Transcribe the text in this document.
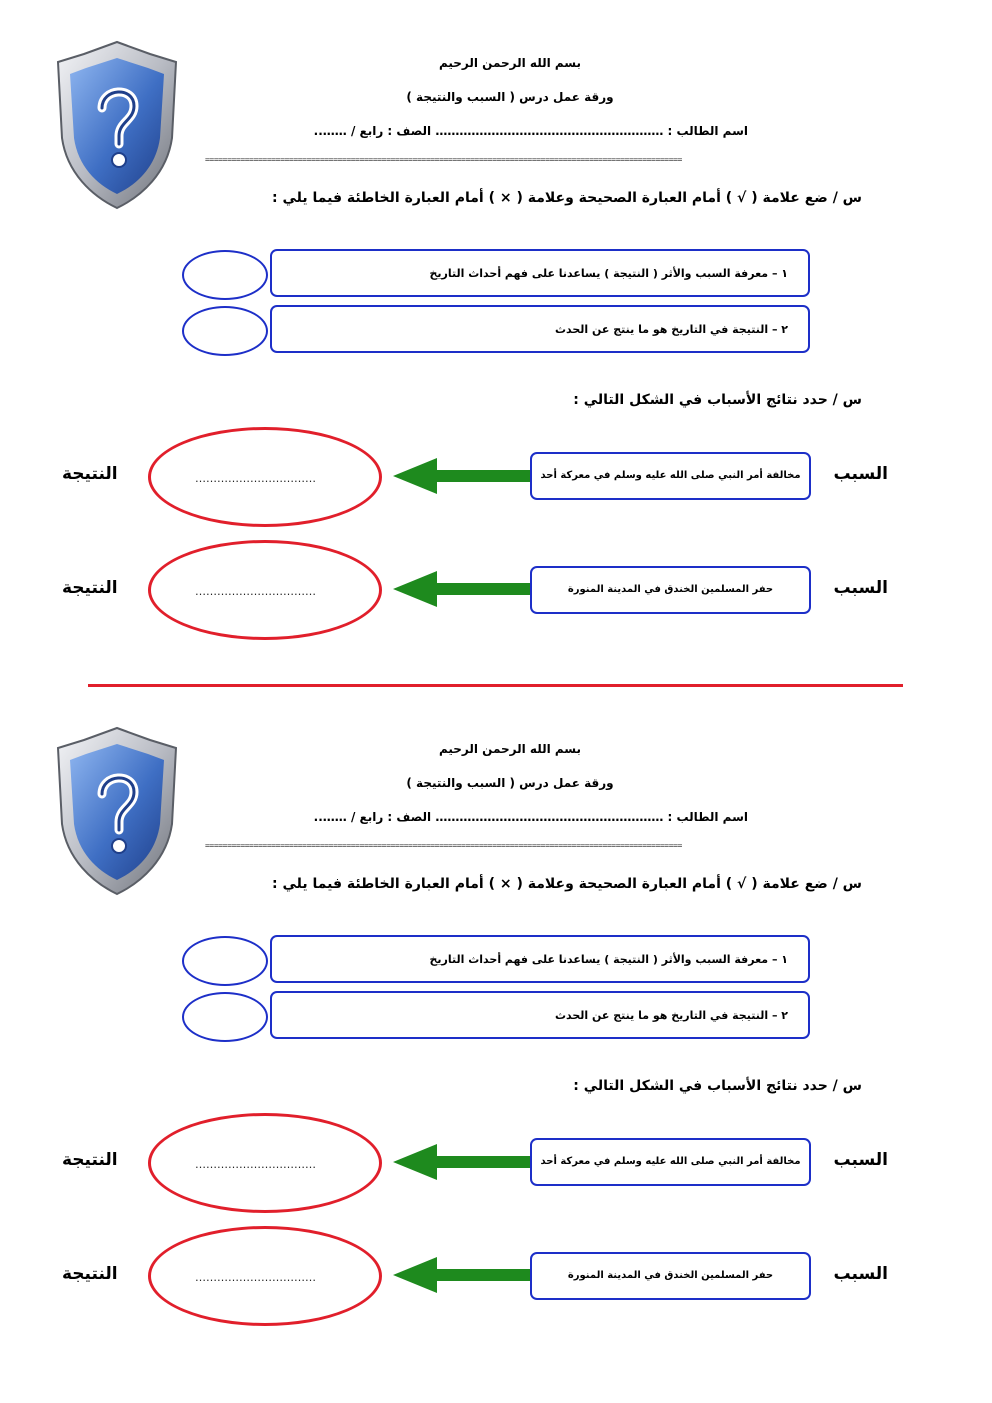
بسم الله الرحمن الرحيم
ورقة عمل درس ( السبب والنتيجة )
اسم الطالب : ………………………………………………… الصف : رابع / ……..
============================================================================================================
س / ضع علامة ( √ ) أمام العبارة الصحيحة وعلامة ( × ) أمام العبارة الخاطئة فيما يلي :
١ – معرفة السبب والأثر ( النتيجة ) يساعدنا على فهم أحداث التاريخ
٢ – النتيجة في التاريخ هو ما ينتج عن الحدث
س / حدد نتائج الأسباب في الشكل التالي :
السبب
مخالفة أمر النبي صلى الله عليه وسلم في معركة أحد
……………………………
النتيجة
السبب
حفر المسلمين الخندق في المدينة المنورة
……………………………
النتيجة
بسم الله الرحمن الرحيم
ورقة عمل درس ( السبب والنتيجة )
اسم الطالب : ………………………………………………… الصف : رابع / ……..
============================================================================================================
س / ضع علامة ( √ ) أمام العبارة الصحيحة وعلامة ( × ) أمام العبارة الخاطئة فيما يلي :
١ – معرفة السبب والأثر ( النتيجة ) يساعدنا على فهم أحداث التاريخ
٢ – النتيجة في التاريخ هو ما ينتج عن الحدث
س / حدد نتائج الأسباب في الشكل التالي :
السبب
مخالفة أمر النبي صلى الله عليه وسلم في معركة أحد
……………………………
النتيجة
السبب
حفر المسلمين الخندق في المدينة المنورة
……………………………
النتيجة
